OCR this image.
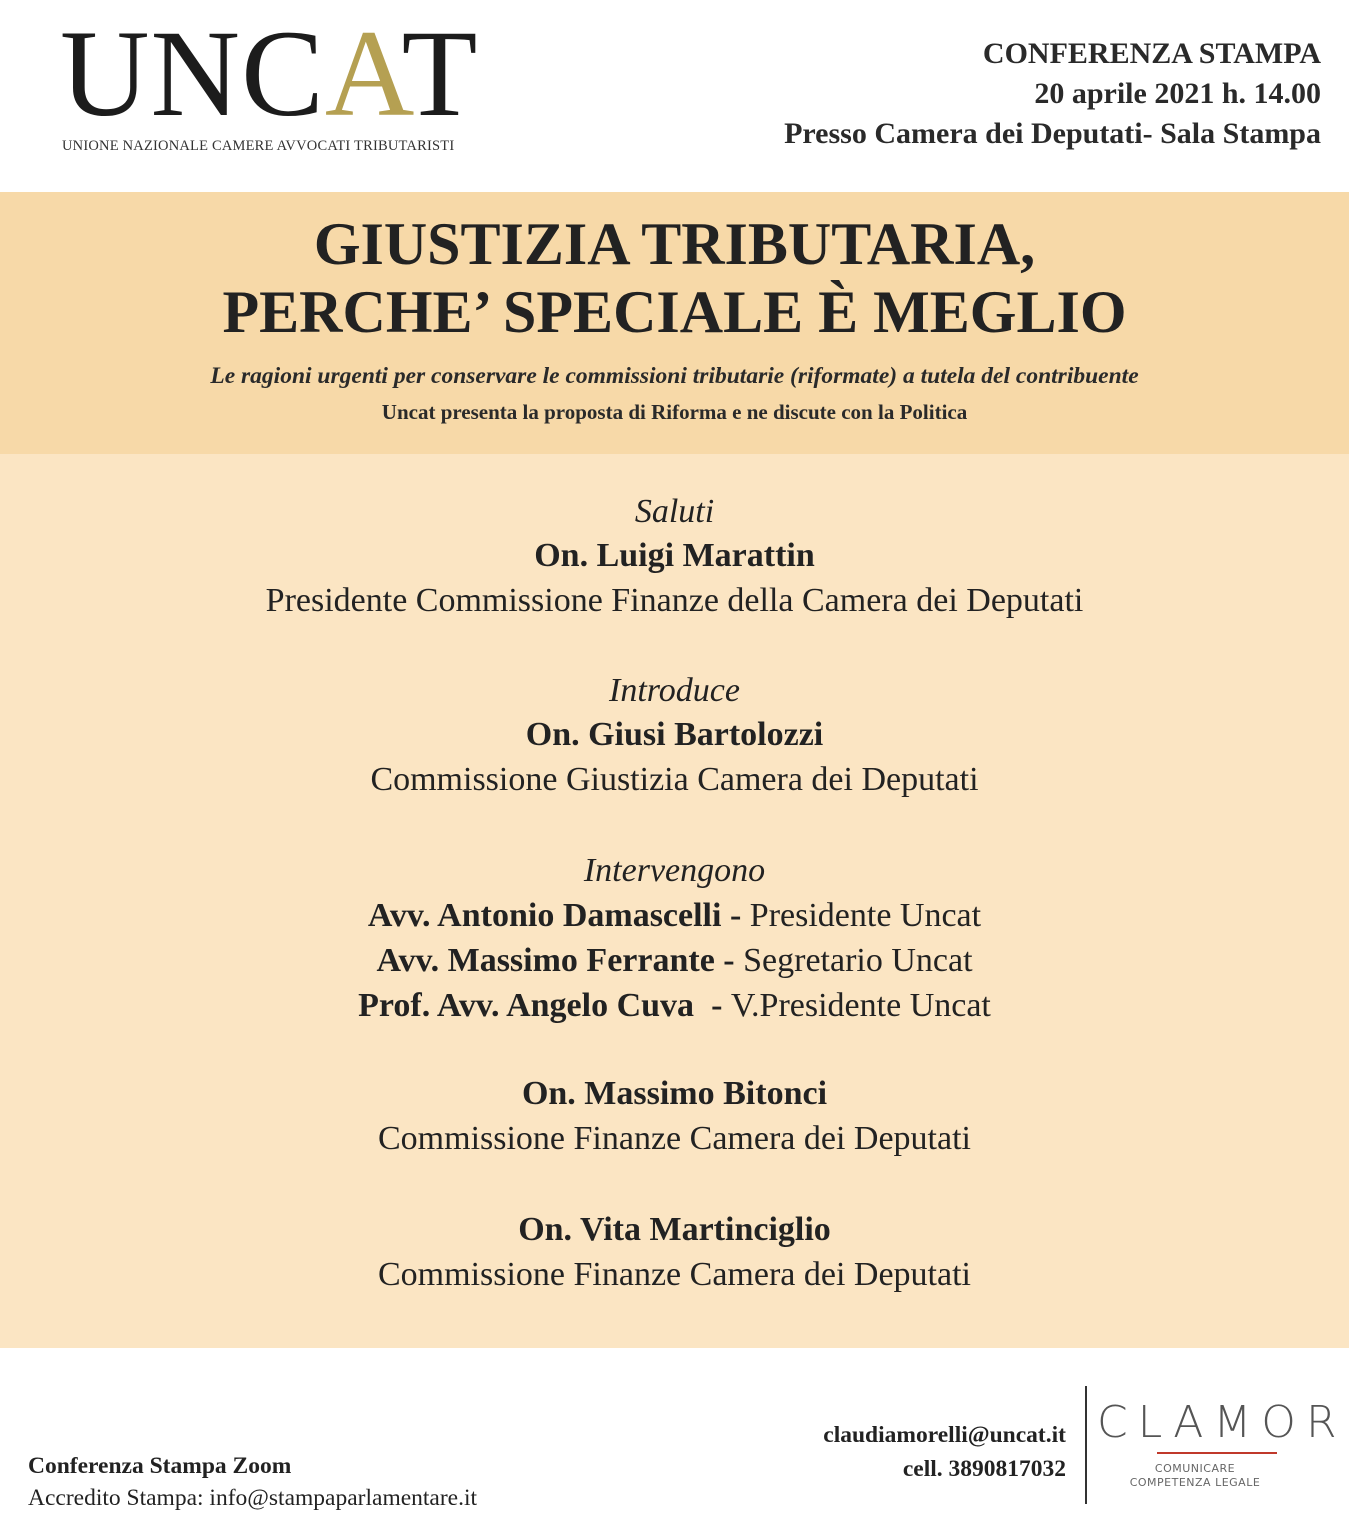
UNCAT
UNIONE NAZIONALE CAMERE AVVOCATI TRIBUTARISTI
CONFERENZA STAMPA
20 aprile 2021 h. 14.00
Presso Camera dei Deputati- Sala Stampa
GIUSTIZIA TRIBUTARIA,
PERCHE’ SPECIALE È MEGLIO
Le ragioni urgenti per conservare le commissioni tributarie (riformate) a tutela del contribuente
Uncat presenta la proposta di Riforma e ne discute con la Politica
Saluti
On. Luigi Marattin
Presidente Commissione Finanze della Camera dei Deputati
Introduce
On. Giusi Bartolozzi
Commissione Giustizia Camera dei Deputati
Intervengono
Avv. Antonio Damascelli - Presidente Uncat
Avv. Massimo Ferrante - Segretario Uncat
Prof. Avv. Angelo Cuva  - V.Presidente Uncat
On. Massimo Bitonci
Commissione Finanze Camera dei Deputati
On. Vita Martinciglio
Commissione Finanze Camera dei Deputati
Conferenza Stampa Zoom
Accredito Stampa: info@stampaparlamentare.it
claudiamorelli@uncat.it
cell. 3890817032
CLAMOR
COMUNICARE
COMPETENZA LEGALE
